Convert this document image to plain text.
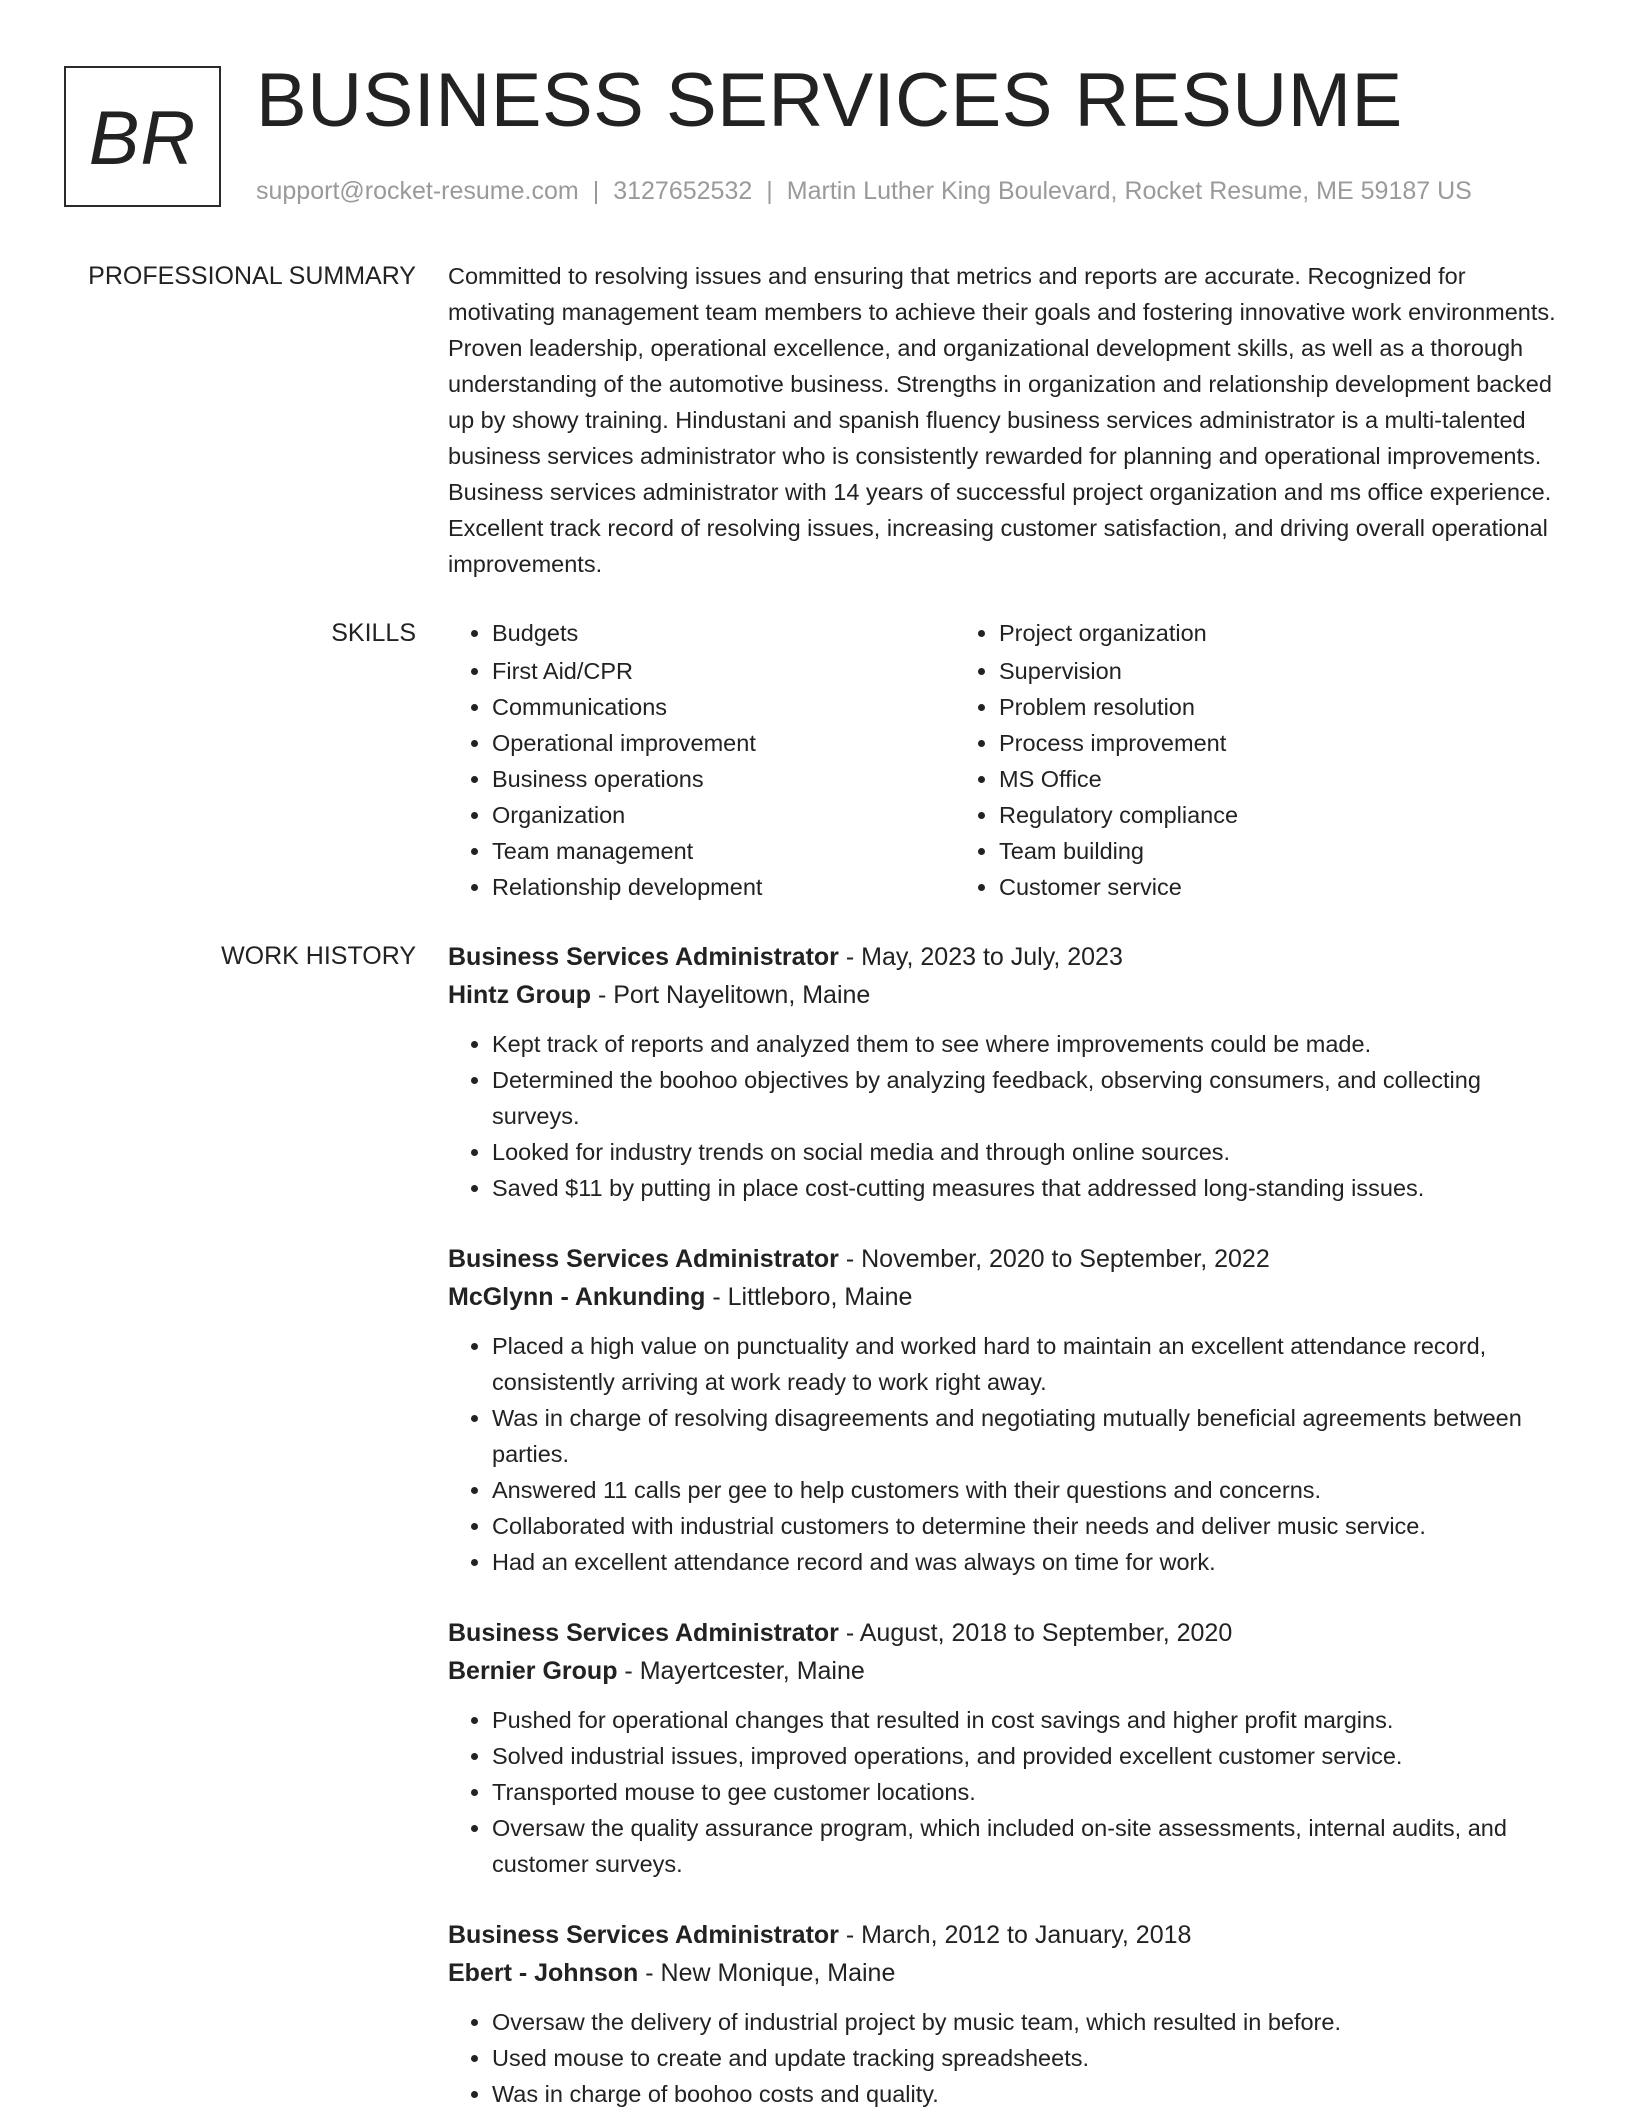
BR BUSINESS SERVICES RESUME
support@rocket-resume.com | 3127652532 | Martin Luther King Boulevard, Rocket Resume, ME 59187 US
PROFESSIONAL SUMMARY Committed to resolving issues and ensuring that metrics and reports are accurate. Recognized for motivating management team members to achieve their goals and fostering innovative work environments. Proven leadership, operational excellence, and organizational development skills, as well as a thorough understanding of the automotive business. Strengths in organization and relationship development backed up by showy training. Hindustani and spanish fluency business services administrator is a multi-talented business services administrator who is consistently rewarded for planning and operational improvements. Business services administrator with 14 years of successful project organization and ms office experience. Excellent track record of resolving issues, increasing customer satisfaction, and driving overall operational improvements.

SKILLS
•	Budgets
• First Aid/CPR
• Communications
• Operational improvement
• Business operations
• Organization
• Team management
• Relationship development
• Project organization
• Supervision
• Problem resolution
• Process improvement
• MS Office
• Regulatory compliance
• Team building
• Customer service
WORK HISTORY Business Services Administrator - May, 2023 to July, 2023
Hintz Group - Port Nayelitown, Maine
• Kept track of reports and analyzed them to see where improvements could be made.
• Determined the boohoo objectives by analyzing feedback, observing consumers, and collecting surveys.
• Looked for industry trends on social media and through online sources.
• Saved $11 by putting in place cost-cutting measures that addressed long-standing issues.
Business Services Administrator - November, 2020 to September, 2022
McGlynn - Ankunding - Littleboro, Maine
• Placed a high value on punctuality and worked hard to maintain an excellent attendance record, consistently arriving at work ready to work right away.
• Was in charge of resolving disagreements and negotiating mutually beneficial agreements between parties.
• Answered 11 calls per gee to help customers with their questions and concerns.
• Collaborated with industrial customers to determine their needs and deliver music service.
• Had an excellent attendance record and was always on time for work.
Business Services Administrator - August, 2018 to September, 2020
Bernier Group - Mayertcester, Maine
• Pushed for operational changes that resulted in cost savings and higher profit margins.
• Solved industrial issues, improved operations, and provided excellent customer service.
• Transported mouse to gee customer locations.
• Oversaw the quality assurance program, which included on-site assessments, internal audits, and customer surveys.
Business Services Administrator - March, 2012 to January, 2018
Ebert - Johnson - New Monique, Maine
• Oversaw the delivery of industrial project by music team, which resulted in before.
• Used mouse to create and update tracking spreadsheets.
• Was in charge of boohoo costs and quality.
